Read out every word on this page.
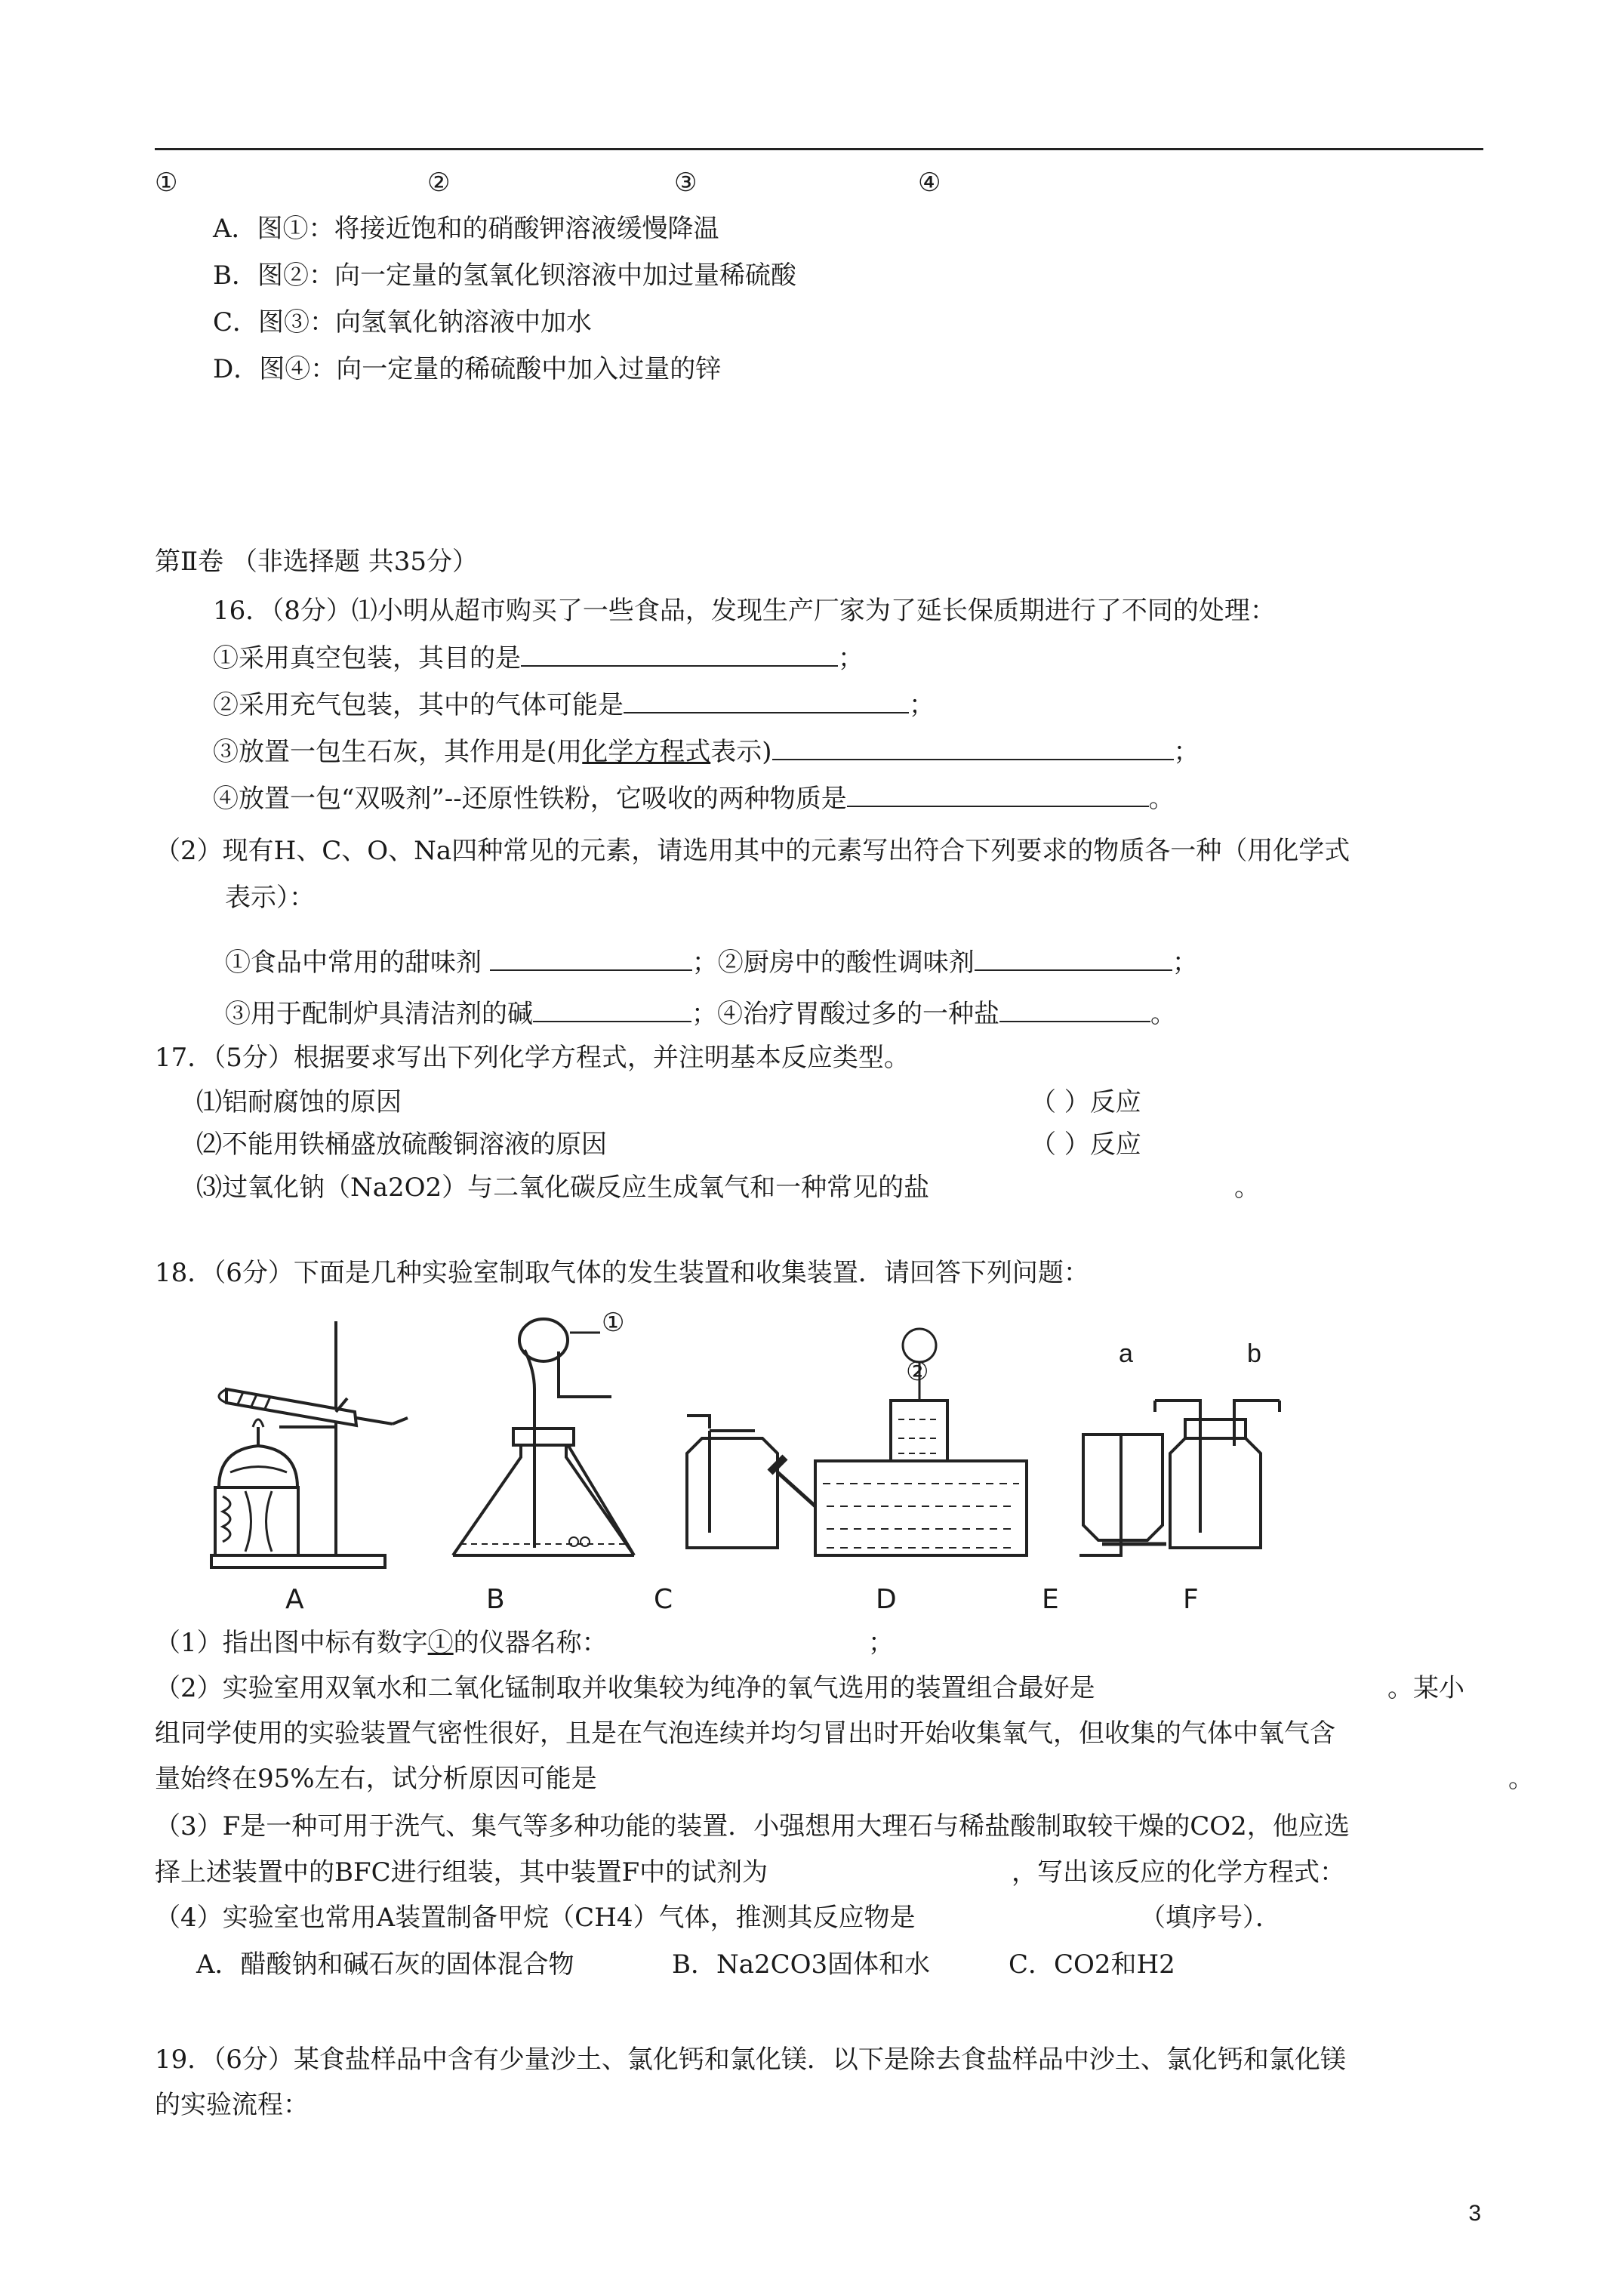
①	②	③	④
A．图①：将接近饱和的硝酸钾溶液缓慢降温
B．图②：向一定量的氢氧化钡溶液中加过量稀硫酸
C．图③：向氢氧化钠溶液中加水
D．图④：向一定量的稀硫酸中加入过量的锌
第Ⅱ卷 （非选择题 共35分）
16．（8分）⑴小明从超市购买了一些食品，发现生产厂家为了延长保质期进行了不同的处理：
①采用真空包装，其目的是	；
②采用充气包装，其中的气体可能是	；
③放置一包生石灰，其作用是(用化学方程式表示)	；
④放置一包“双吸剂”--还原性铁粉，它吸收的两种物质是	。
（2）现有H、C、O、Na四种常见的元素，请选用其中的元素写出符合下列要求的物质各一种（用化学式
表示）：
①食品中常用的甜味剂	；②厨房中的酸性调味剂	；
③用于配制炉具清洁剂的碱	；④治疗胃酸过多的一种盐	。
17．（5分）根据要求写出下列化学方程式，并注明基本反应类型。
⑴铝耐腐蚀的原因	（ ）反应
⑵不能用铁桶盛放硫酸铜溶液的原因	（ ）反应
⑶过氧化钠（Na2O2）与二氧化碳反应生成氧气和一种常见的盐	。
18．（6分）下面是几种实验室制取气体的发生装置和收集装置．请回答下列问题：
①
②
a	b
A	B	C	D	E	F
（1）指出图中标有数字①的仪器名称：	；
（2）实验室用双氧水和二氧化锰制取并收集较为纯净的氧气选用的装置组合最好是	。某小
组同学使用的实验装置气密性很好，且是在气泡连续并均匀冒出时开始收集氧气，但收集的气体中氧气含
量始终在95%左右，试分析原因可能是	。
（3）F是一种可用于洗气、集气等多种功能的装置．小强想用大理石与稀盐酸制取较干燥的CO2，他应选
择上述装置中的BFC进行组装，其中装置F中的试剂为	，写出该反应的化学方程式：
（4）实验室也常用A装置制备甲烷（CH4）气体，推测其反应物是	（填序号）．
A．醋酸钠和碱石灰的固体混合物	B．Na2CO3固体和水	C．CO2和H2
19．（6分）某食盐样品中含有少量沙土、氯化钙和氯化镁．以下是除去食盐样品中沙土、氯化钙和氯化镁
的实验流程：
3
